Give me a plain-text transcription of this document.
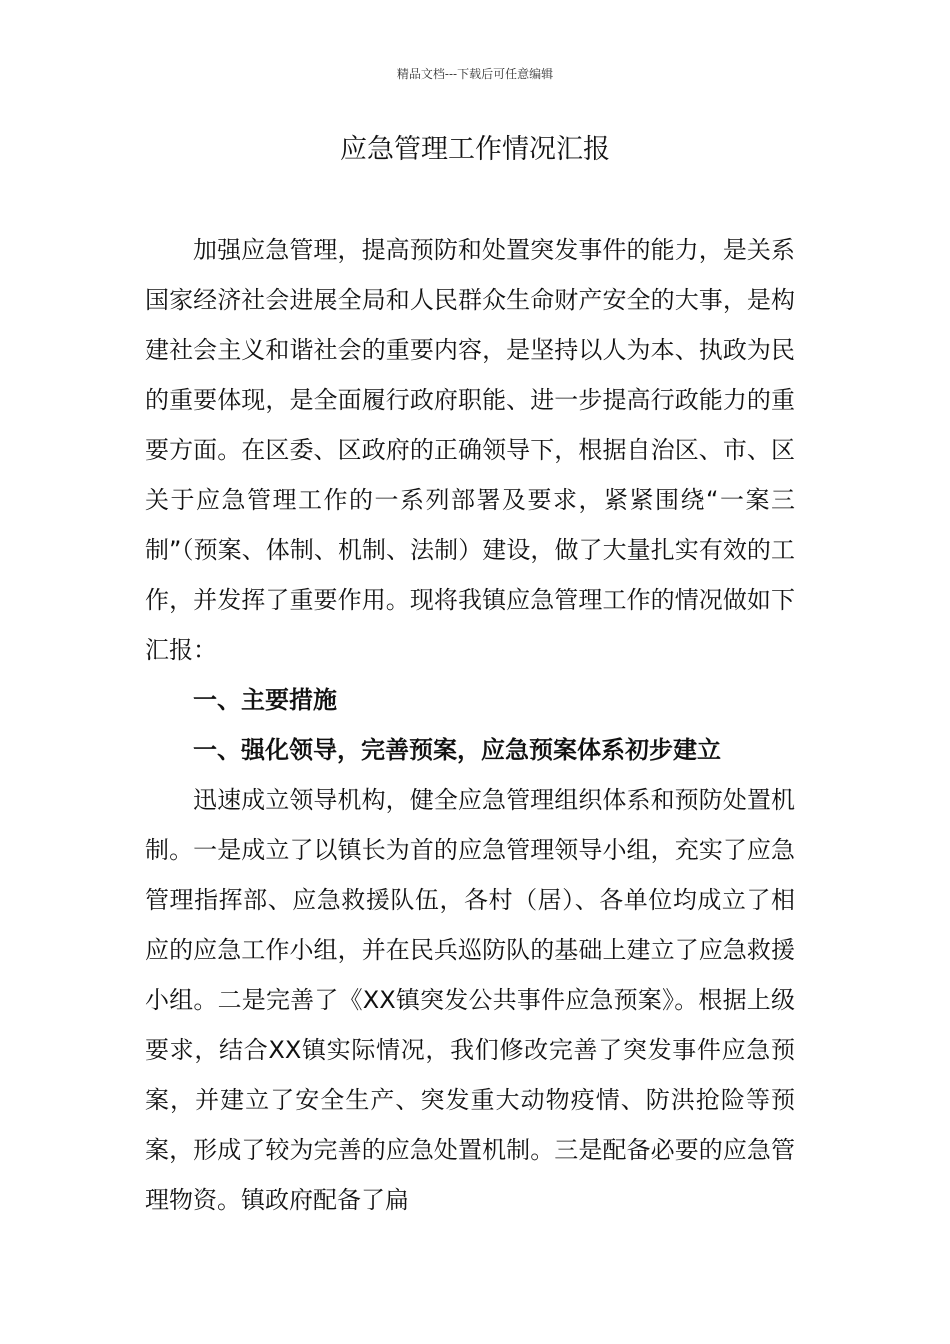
精品文档---下载后可任意编辑
应急管理工作情况汇报

加强应急管理，提高预防和处置突发事件的能力，是关系国家经济社会进展全局和人民群众生命财产安全的大事，是构建社会主义和谐社会的重要内容，是坚持以人为本、执政为民的重要体现，是全面履行政府职能、进一步提高行政能力的重要方面。在区委、区政府的正确领导下，根据自治区、市、区关于应急管理工作的一系列部署及要求，紧紧围绕“一案三制”（预案、体制、机制、法制）建设，做了大量扎实有效的工作，并发挥了重要作用。现将我镇应急管理工作的情况做如下汇报：

一、主要措施

一、强化领导，完善预案，应急预案体系初步建立

迅速成立领导机构，健全应急管理组织体系和预防处置机制。一是成立了以镇长为首的应急管理领导小组，充实了应急管理指挥部、应急救援队伍，各村（居）、各单位均成立了相应的应急工作小组，并在民兵巡防队的基础上建立了应急救援小组。二是完善了《XX镇突发公共事件应急预案》。根据上级要求，结合XX镇实际情况，我们修改完善了突发事件应急预案，并建立了安全生产、突发重大动物疫情、防洪抢险等预案，形成了较为完善的应急处置机制。三是配备必要的应急管理物资。镇政府配备了扁
